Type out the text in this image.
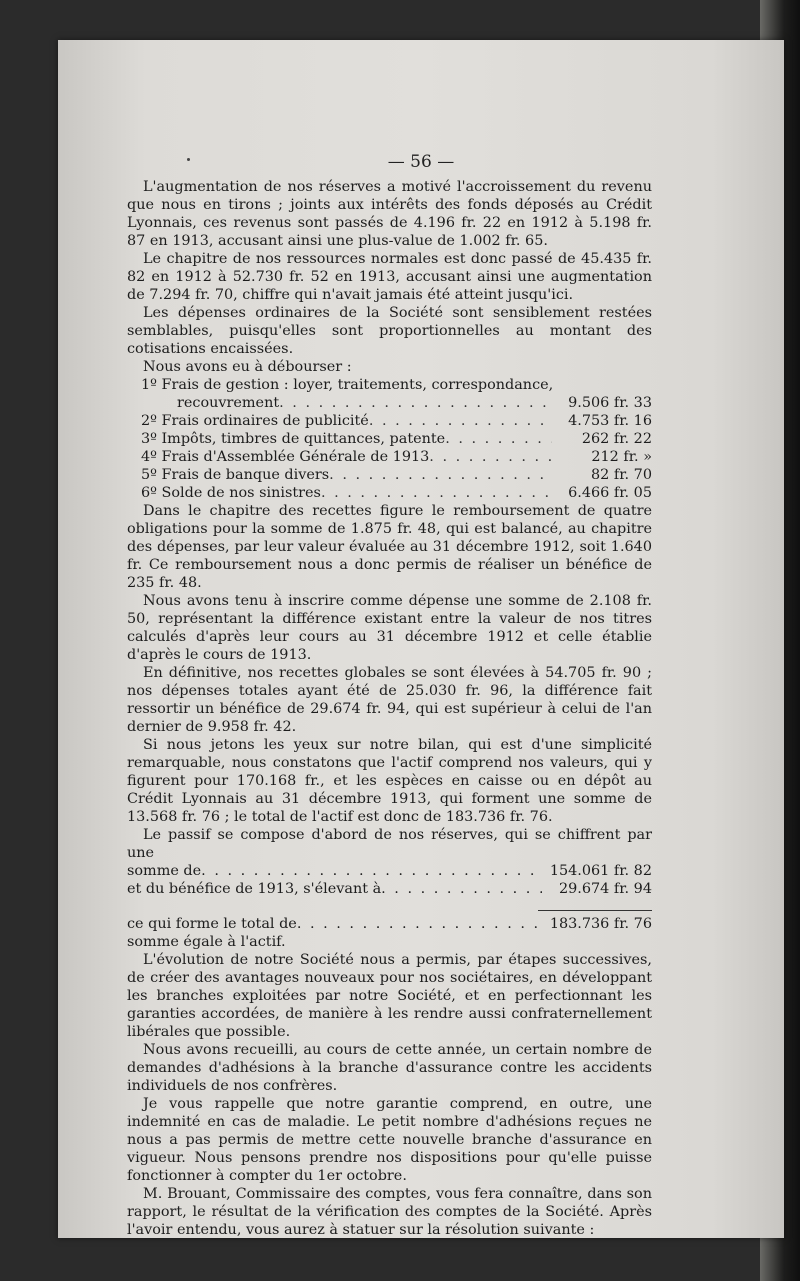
— 56 —

L'augmentation de nos réserves a motivé l'accroissement du revenu que nous en tirons ; joints aux intérêts des fonds déposés au Crédit Lyonnais, ces revenus sont passés de 4.196 fr. 22 en 1912 à 5.198 fr. 87 en 1913, accusant ainsi une plus-value de 1.002 fr. 65.

Le chapitre de nos ressources normales est donc passé de 45.435 fr. 82 en 1912 à 52.730 fr. 52 en 1913, accusant ainsi une augmentation de 7.294 fr. 70, chiffre qui n'avait jamais été atteint jusqu'ici.

Les dépenses ordinaires de la Société sont sensiblement restées semblables, puisqu'elles sont proportionnelles au montant des cotisations encaissées.

Nous avons eu à débourser :

1º Frais de gestion : loyer, traitements, correspondance,
recouvrement . . .	9.506 fr. 33
2º Frais ordinaires de publicité . . .	4.753 fr. 16
3º Impôts, timbres de quittances, patente . . .	262 fr. 22
4º Frais d'Assemblée Générale de 1913 . . .	212 fr. »
5º Frais de banque divers . . .	82 fr. 70
6º Solde de nos sinistres . . .	6.466 fr. 05

Dans le chapitre des recettes figure le remboursement de quatre obligations pour la somme de 1.875 fr. 48, qui est balancé, au chapitre des dépenses, par leur valeur évaluée au 31 décembre 1912, soit 1.640 fr. Ce remboursement nous a donc permis de réaliser un bénéfice de 235 fr. 48.

Nous avons tenu à inscrire comme dépense une somme de 2.108 fr. 50, représentant la différence existant entre la valeur de nos titres calculés d'après leur cours au 31 décembre 1912 et celle établie d'après le cours de 1913.

En définitive, nos recettes globales se sont élevées à 54.705 fr. 90 ; nos dépenses totales ayant été de 25.030 fr. 96, la différence fait ressortir un bénéfice de 29.674 fr. 94, qui est supérieur à celui de l'an dernier de 9.958 fr. 42.

Si nous jetons les yeux sur notre bilan, qui est d'une simplicité remarquable, nous constatons que l'actif comprend nos valeurs, qui y figurent pour 170.168 fr., et les espèces en caisse ou en dépôt au Crédit Lyonnais au 31 décembre 1913, qui forment une somme de 13.568 fr. 76 ; le total de l'actif est donc de 183.736 fr. 76.

Le passif se compose d'abord de nos réserves, qui se chiffrent par une

somme de . . .	154.061 fr. 82
et du bénéfice de 1913, s'élevant à . . .	29.674 fr. 94
ce qui forme le total de . . .	183.736 fr. 76

somme égale à l'actif.

L'évolution de notre Société nous a permis, par étapes successives, de créer des avantages nouveaux pour nos sociétaires, en développant les branches exploitées par notre Société, et en perfectionnant les garanties accordées, de manière à les rendre aussi confraternellement libérales que possible.

Nous avons recueilli, au cours de cette année, un certain nombre de demandes d'adhésions à la branche d'assurance contre les accidents individuels de nos confrères.

Je vous rappelle que notre garantie comprend, en outre, une indemnité en cas de maladie. Le petit nombre d'adhésions reçues ne nous a pas permis de mettre cette nouvelle branche d'assurance en vigueur. Nous pensons prendre nos dispositions pour qu'elle puisse fonctionner à compter du 1er octobre.

M. Brouant, Commissaire des comptes, vous fera connaître, dans son rapport, le résultat de la vérification des comptes de la Société. Après l'avoir entendu, vous aurez à statuer sur la résolution suivante :
